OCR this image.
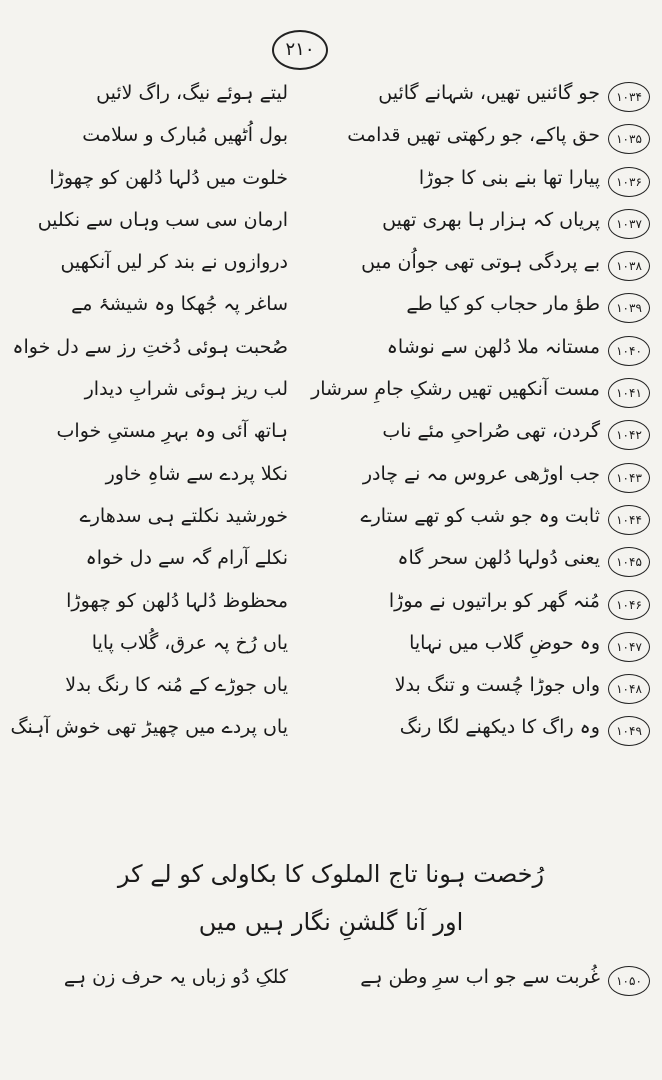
۲۱۰
۱۰۳۴
جو گائنیں تھیں، شہانے گائیں
لیتے ہوئے نیگ، راگ لائیں
۱۰۳۵
حق پاکے، جو رکھتی تھیں قدامت
بول اُٹھیں مُبارک و سلامت
۱۰۳۶
پیارا تھا بنے بنی کا جوڑا
خلوت میں دُلہا دُلھن کو چھوڑا
۱۰۳۷
پریاں کہ ہزار ہا بھری تھیں
ارمان سی سب وہاں سے نکلیں
۱۰۳۸
بے پردگی ہوتی تھی جواُن میں
دروازوں نے بند کر لیں آنکھیں
۱۰۳۹
طؤ مار حجاب کو کیا طے
ساغر پہ جُھکا وہ شیشۂ مے
۱۰۴۰
مستانہ ملا دُلھن سے نوشاہ
صُحبت ہوئی دُختِ رز سے دل خواہ
۱۰۴۱
مست آنکھیں تھیں رشکِ جامِ سرشار
لب ریز ہوئی شرابِ دیدار
۱۰۴۲
گردن، تھی صُراحیِ مئے ناب
ہاتھ آئی وہ بہرِ مستیِ خواب
۱۰۴۳
جب اوڑھی عروس مہ نے چادر
نکلا پردے سے شاہِ خاور
۱۰۴۴
ثابت وہ جو شب کو تھے ستارے
خورشید نکلتے ہی سدھارے
۱۰۴۵
یعنی دُولہا دُلھن سحر گاہ
نکلے آرام گہ سے دل خواہ
۱۰۴۶
مُنہ گھر کو براتیوں نے موڑا
محظوظ دُلہا دُلھن کو چھوڑا
۱۰۴۷
وہ حوضِ گلاب میں نہایا
یاں رُخ پہ عرق، گُلاب پایا
۱۰۴۸
واں جوڑا چُست و تنگ بدلا
یاں جوڑے کے مُنہ کا رنگ بدلا
۱۰۴۹
وہ راگ کا دیکھنے لگا رنگ
یاں پردے میں چھیڑ تھی خوش آہنگ
رُخصت ہونا تاج الملوک کا بکاولی کو لے کر
اور آنا گلشنِ نگار ہیں میں
۱۰۵۰
غُربت سے جو اب سرِ وطن ہے
کلکِ دُو زباں یہ حرف زن ہے
